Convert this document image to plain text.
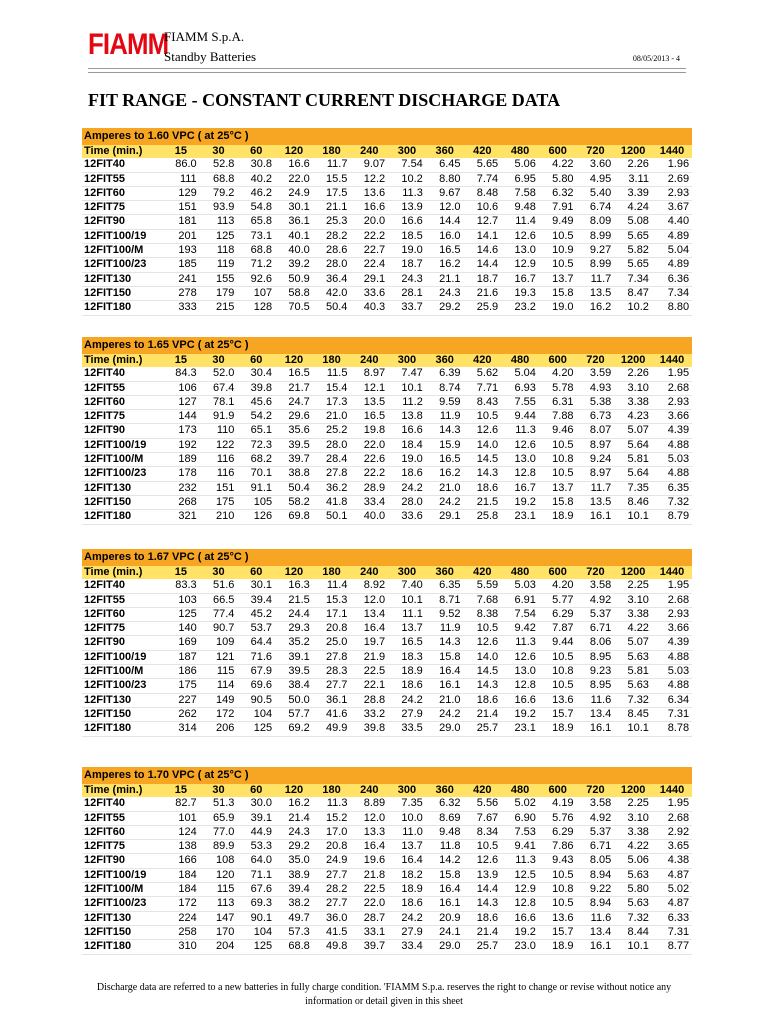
FIAMM
FIAMM S.p.A.
Standby Batteries	08/05/2013 - 4
FIT RANGE - CONSTANT CURRENT DISCHARGE DATA
Amperes to 1.60 VPC ( at 25°C )														
Time (min.)	15	30	60	120	180	240	300	360	420	480	600	720	1200	1440
12FIT40	86.0	52.8	30.8	16.6	11.7	9.07	7.54	6.45	5.65	5.06	4.22	3.60	2.26	1.96
12FIT55	111	68.8	40.2	22.0	15.5	12.2	10.2	8.80	7.74	6.95	5.80	4.95	3.11	2.69
12FIT60	129	79.2	46.2	24.9	17.5	13.6	11.3	9.67	8.48	7.58	6.32	5.40	3.39	2.93
12FIT75	151	93.9	54.8	30.1	21.1	16.6	13.9	12.0	10.6	9.48	7.91	6.74	4.24	3.67
12FIT90	181	113	65.8	36.1	25.3	20.0	16.6	14.4	12.7	11.4	9.49	8.09	5.08	4.40
12FIT100/19	201	125	73.1	40.1	28.2	22.2	18.5	16.0	14.1	12.6	10.5	8.99	5.65	4.89
12FIT100/M	193	118	68.8	40.0	28.6	22.7	19.0	16.5	14.6	13.0	10.9	9.27	5.82	5.04
12FIT100/23	185	119	71.2	39.2	28.0	22.4	18.7	16.2	14.4	12.9	10.5	8.99	5.65	4.89
12FIT130	241	155	92.6	50.9	36.4	29.1	24.3	21.1	18.7	16.7	13.7	11.7	7.34	6.36
12FIT150	278	179	107	58.8	42.0	33.6	28.1	24.3	21.6	19.3	15.8	13.5	8.47	7.34
12FIT180	333	215	128	70.5	50.4	40.3	33.7	29.2	25.9	23.2	19.0	16.2	10.2	8.80
Amperes to 1.65 VPC ( at 25°C )														
Time (min.)	15	30	60	120	180	240	300	360	420	480	600	720	1200	1440
12FIT40	84.3	52.0	30.4	16.5	11.5	8.97	7.47	6.39	5.62	5.04	4.20	3.59	2.26	1.95
12FIT55	106	67.4	39.8	21.7	15.4	12.1	10.1	8.74	7.71	6.93	5.78	4.93	3.10	2.68
12FIT60	127	78.1	45.6	24.7	17.3	13.5	11.2	9.59	8.43	7.55	6.31	5.38	3.38	2.93
12FIT75	144	91.9	54.2	29.6	21.0	16.5	13.8	11.9	10.5	9.44	7.88	6.73	4.23	3.66
12FIT90	173	110	65.1	35.6	25.2	19.8	16.6	14.3	12.6	11.3	9.46	8.07	5.07	4.39
12FIT100/19	192	122	72.3	39.5	28.0	22.0	18.4	15.9	14.0	12.6	10.5	8.97	5.64	4.88
12FIT100/M	189	116	68.2	39.7	28.4	22.6	19.0	16.5	14.5	13.0	10.8	9.24	5.81	5.03
12FIT100/23	178	116	70.1	38.8	27.8	22.2	18.6	16.2	14.3	12.8	10.5	8.97	5.64	4.88
12FIT130	232	151	91.1	50.4	36.2	28.9	24.2	21.0	18.6	16.7	13.7	11.7	7.35	6.35
12FIT150	268	175	105	58.2	41.8	33.4	28.0	24.2	21.5	19.2	15.8	13.5	8.46	7.32
12FIT180	321	210	126	69.8	50.1	40.0	33.6	29.1	25.8	23.1	18.9	16.1	10.1	8.79
Amperes to 1.67 VPC ( at 25°C )														
Time (min.)	15	30	60	120	180	240	300	360	420	480	600	720	1200	1440
12FIT40	83.3	51.6	30.1	16.3	11.4	8.92	7.40	6.35	5.59	5.03	4.20	3.58	2.25	1.95
12FIT55	103	66.5	39.4	21.5	15.3	12.0	10.1	8.71	7.68	6.91	5.77	4.92	3.10	2.68
12FIT60	125	77.4	45.2	24.4	17.1	13.4	11.1	9.52	8.38	7.54	6.29	5.37	3.38	2.93
12FIT75	140	90.7	53.7	29.3	20.8	16.4	13.7	11.9	10.5	9.42	7.87	6.71	4.22	3.66
12FIT90	169	109	64.4	35.2	25.0	19.7	16.5	14.3	12.6	11.3	9.44	8.06	5.07	4.39
12FIT100/19	187	121	71.6	39.1	27.8	21.9	18.3	15.8	14.0	12.6	10.5	8.95	5.63	4.88
12FIT100/M	186	115	67.9	39.5	28.3	22.5	18.9	16.4	14.5	13.0	10.8	9.23	5.81	5.03
12FIT100/23	175	114	69.6	38.4	27.7	22.1	18.6	16.1	14.3	12.8	10.5	8.95	5.63	4.88
12FIT130	227	149	90.5	50.0	36.1	28.8	24.2	21.0	18.6	16.6	13.6	11.6	7.32	6.34
12FIT150	262	172	104	57.7	41.6	33.2	27.9	24.2	21.4	19.2	15.7	13.4	8.45	7.31
12FIT180	314	206	125	69.2	49.9	39.8	33.5	29.0	25.7	23.1	18.9	16.1	10.1	8.78
Amperes to 1.70 VPC ( at 25°C )														
Time (min.)	15	30	60	120	180	240	300	360	420	480	600	720	1200	1440
12FIT40	82.7	51.3	30.0	16.2	11.3	8.89	7.35	6.32	5.56	5.02	4.19	3.58	2.25	1.95
12FIT55	101	65.9	39.1	21.4	15.2	12.0	10.0	8.69	7.67	6.90	5.76	4.92	3.10	2.68
12FIT60	124	77.0	44.9	24.3	17.0	13.3	11.0	9.48	8.34	7.53	6.29	5.37	3.38	2.92
12FIT75	138	89.9	53.3	29.2	20.8	16.4	13.7	11.8	10.5	9.41	7.86	6.71	4.22	3.65
12FIT90	166	108	64.0	35.0	24.9	19.6	16.4	14.2	12.6	11.3	9.43	8.05	5.06	4.38
12FIT100/19	184	120	71.1	38.9	27.7	21.8	18.2	15.8	13.9	12.5	10.5	8.94	5.63	4.87
12FIT100/M	184	115	67.6	39.4	28.2	22.5	18.9	16.4	14.4	12.9	10.8	9.22	5.80	5.02
12FIT100/23	172	113	69.3	38.2	27.7	22.0	18.6	16.1	14.3	12.8	10.5	8.94	5.63	4.87
12FIT130	224	147	90.1	49.7	36.0	28.7	24.2	20.9	18.6	16.6	13.6	11.6	7.32	6.33
12FIT150	258	170	104	57.3	41.5	33.1	27.9	24.1	21.4	19.2	15.7	13.4	8.44	7.31
12FIT180	310	204	125	68.8	49.8	39.7	33.4	29.0	25.7	23.0	18.9	16.1	10.1	8.77
Discharge data are referred to a new batteries in fully charge condition. 'FIAMM S.p.a. reserves the right to change or revise without notice any
information or detail given in this sheet
